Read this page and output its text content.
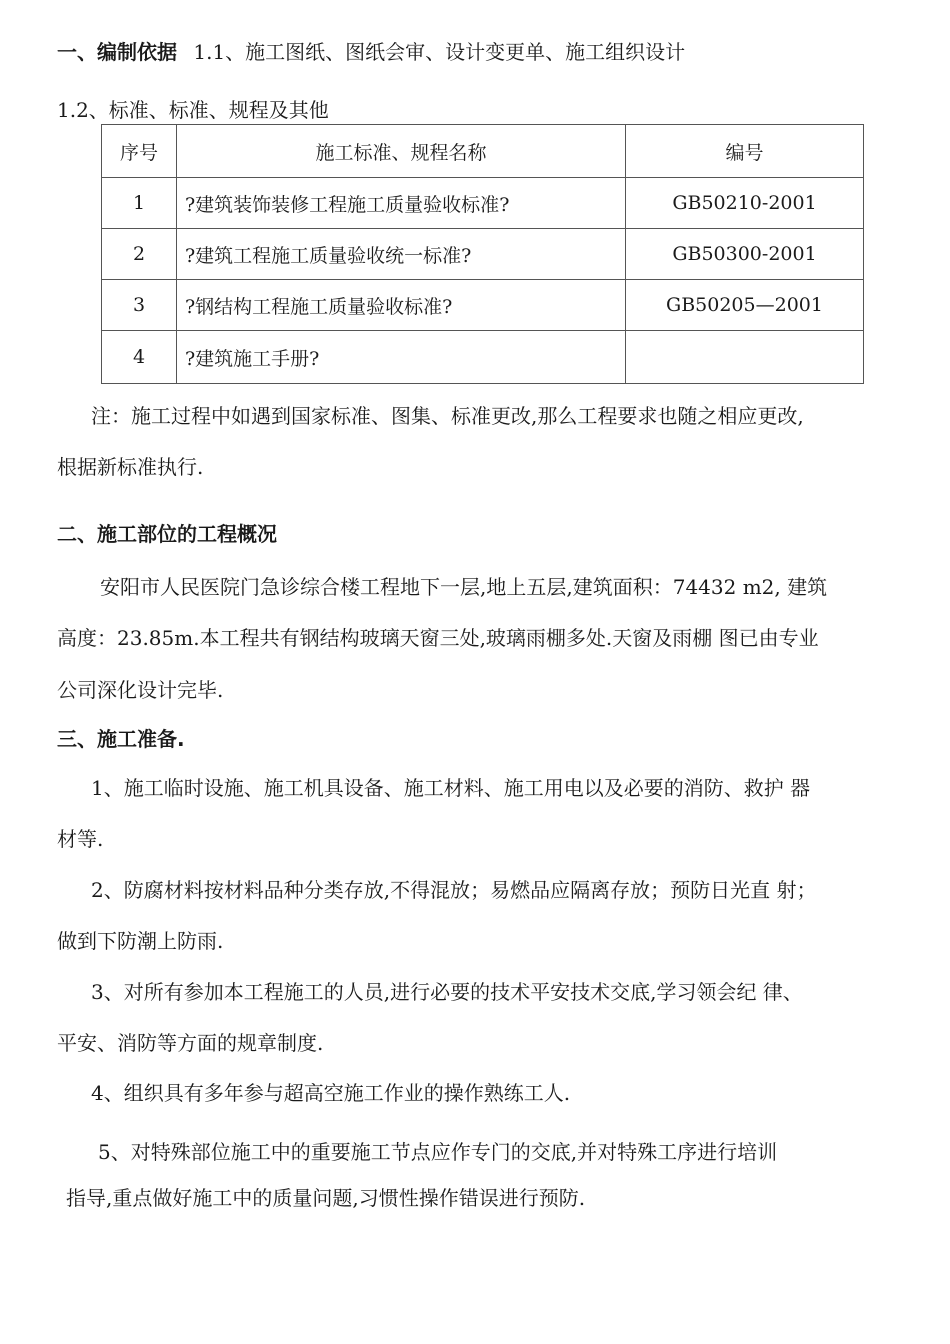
一、编制依据 1.1、施工图纸、图纸会审、设计变更单、施工组织设计
1.2、标准、标准、规程及其他
序号	施工标准、规程名称	编号
1	?建筑装饰装修工程施工质量验收标准?	GB50210-2001
2	?建筑工程施工质量验收统一标准?	GB50300-2001
3	?钢结构工程施工质量验收标准?	GB50205—2001
4	?建筑施工手册?	
注：施工过程中如遇到国家标准、图集、标准更改,那么工程要求也随之相应更改,
根据新标准执行.
二、施工部位的工程概况
安阳市人民医院门急诊综合楼工程地下一层,地上五层,建筑面积：74432 m2, 建筑
高度：23.85m.本工程共有钢结构玻璃天窗三处,玻璃雨棚多处.天窗及雨棚 图已由专业
公司深化设计完毕.
三、施工准备.
1、施工临时设施、施工机具设备、施工材料、施工用电以及必要的消防、救护 器
材等.
2、防腐材料按材料品种分类存放,不得混放；易燃品应隔离存放；预防日光直 射；
做到下防潮上防雨.
3、对所有参加本工程施工的人员,进行必要的技术平安技术交底,学习领会纪 律、
平安、消防等方面的规章制度.
4、组织具有多年参与超高空施工作业的操作熟练工人.
5、对特殊部位施工中的重要施工节点应作专门的交底,并对特殊工序进行培训
指导,重点做好施工中的质量问题,习惯性操作错误进行预防.
